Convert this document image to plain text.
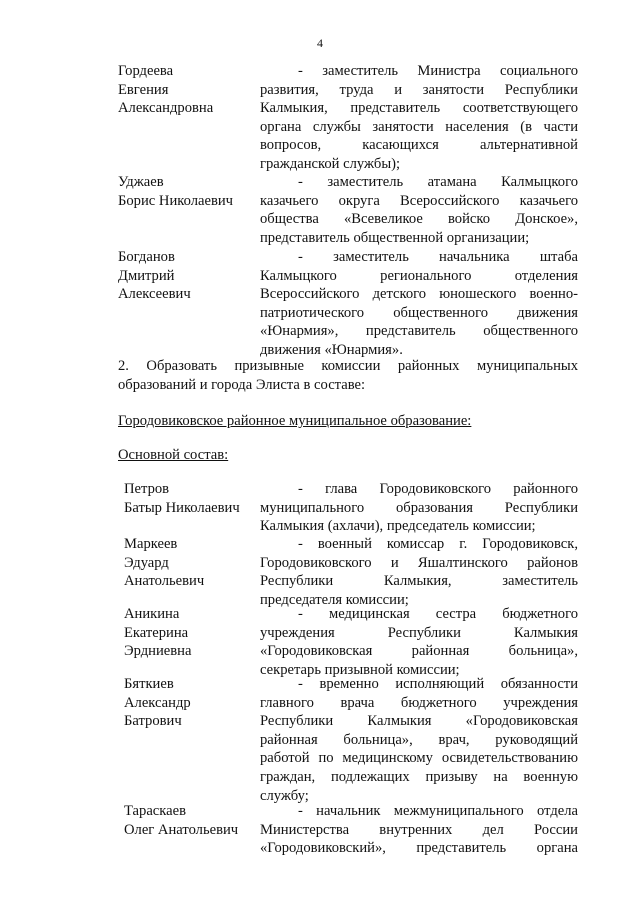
4
Гордеева
Евгения
Александровна
- заместитель Министра социального
развития, труда и занятости Республики
Калмыкия, представитель соответствующего
органа службы занятости населения (в части
вопросов, касающихся альтернативной
гражданской службы);
Уджаев
Борис Николаевич
- заместитель атамана Калмыцкого
казачьего округа Всероссийского казачьего
общества «Всевеликое войско Донское»,
представитель общественной организации;
Богданов
Дмитрий
Алексеевич
- заместитель начальника штаба
Калмыцкого регионального отделения
Всероссийского детского юношеского военно-
патриотического общественного движения
«Юнармия», представитель общественного
движения «Юнармия».
2. Образовать призывные комиссии районных муниципальных
образований и города Элиста в составе:
Городовиковское районное муниципальное образование:
Основной состав:
Петров
Батыр Николаевич
- глава Городовиковского районного
муниципального образования Республики
Калмыкия (ахлачи), председатель комиссии;
Маркеев
Эдуард
Анатольевич
- военный комиссар г. Городовиковск,
Городовиковского и Яшалтинского районов
Республики Калмыкия, заместитель
председателя комиссии;
Аникина
Екатерина
Эрдниевна
- медицинская сестра бюджетного
учреждения Республики Калмыкия
«Городовиковская районная больница»,
секретарь призывной комиссии;
Бяткиев
Александр
Батрович
- временно исполняющий обязанности
главного врача бюджетного учреждения
Республики Калмыкия «Городовиковская
районная больница», врач, руководящий
работой по медицинскому освидетельствованию
граждан, подлежащих призыву на военную
службу;
Тараскаев
Олег Анатольевич
- начальник межмуниципального отдела
Министерства внутренних дел России
«Городовиковский», представитель органа
